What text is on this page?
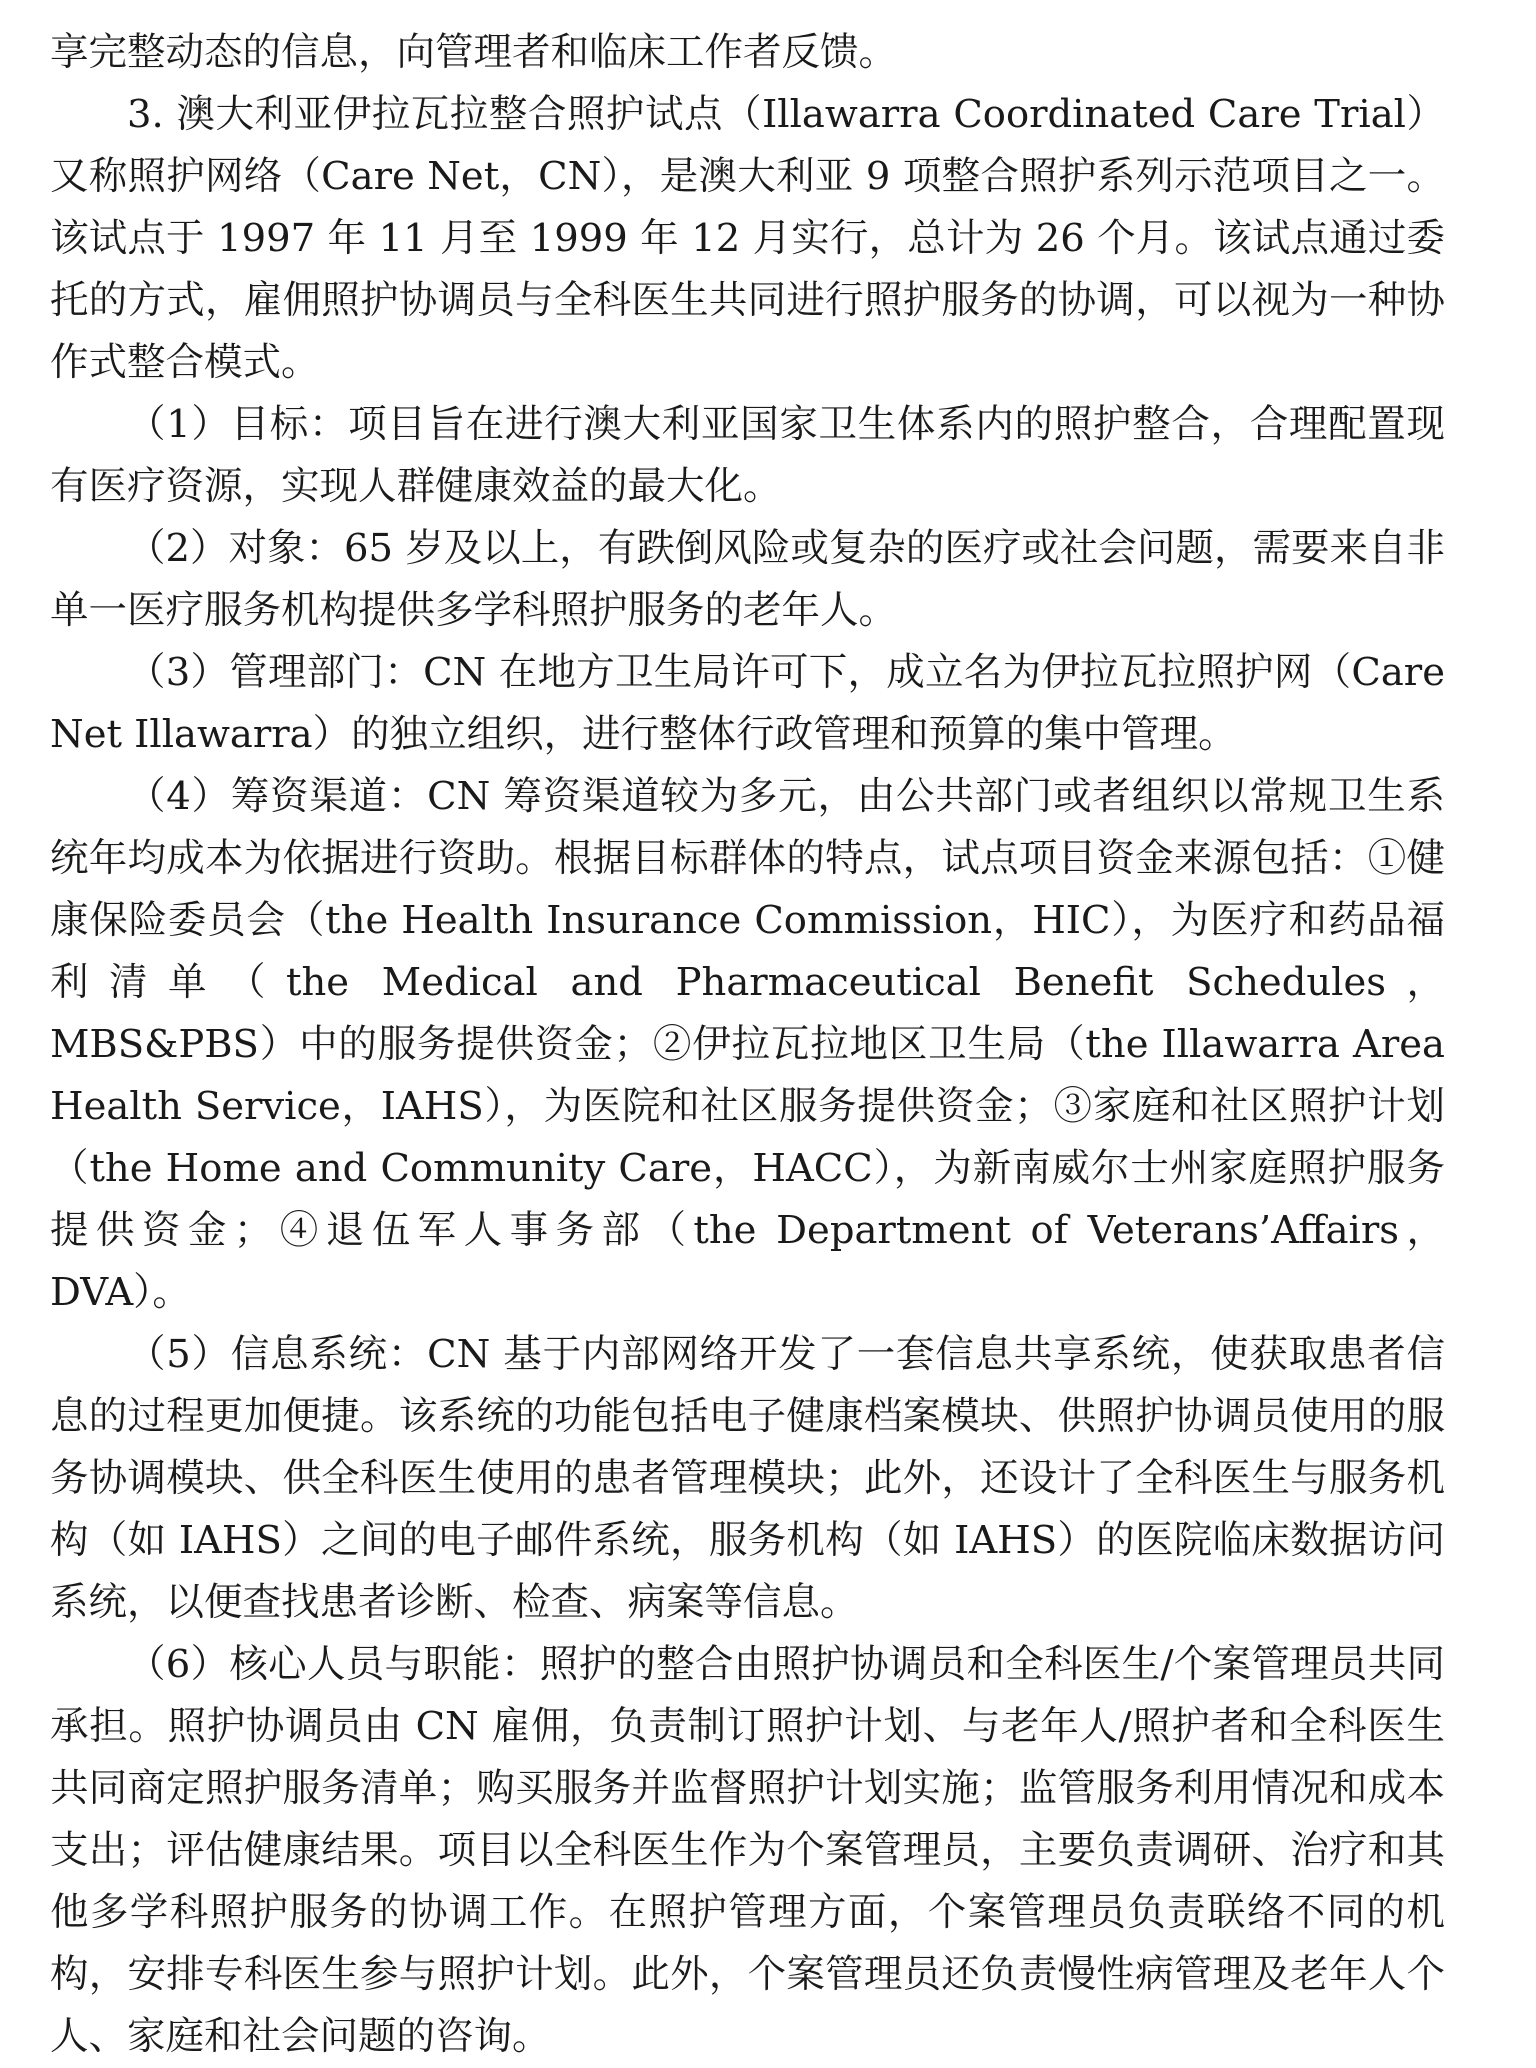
享完整动态的信息，向管理者和临床工作者反馈。

3. 澳大利亚伊拉瓦拉整合照护试点（Illawarra Coordinated Care Trial） 又称照护网络（Care Net，CN），是澳大利亚 9 项整合照护系列示范项目之一。该试点于 1997 年 11 月至 1999 年 12 月实行，总计为 26 个月。该试点通过委托的方式，雇佣照护协调员与全科医生共同进行照护服务的协调，可以视为一种协作式整合模式。

（1）目标：项目旨在进行澳大利亚国家卫生体系内的照护整合，合理配置现有医疗资源，实现人群健康效益的最大化。

（2）对象：65 岁及以上，有跌倒风险或复杂的医疗或社会问题，需要来自非单一医疗服务机构提供多学科照护服务的老年人。

（3）管理部门：CN 在地方卫生局许可下，成立名为伊拉瓦拉照护网（Care Net Illawarra）的独立组织，进行整体行政管理和预算的集中管理。

（4）筹资渠道：CN 筹资渠道较为多元，由公共部门或者组织以常规卫生系统年均成本为依据进行资助。根据目标群体的特点，试点项目资金来源包括：①健康保险委员会（the Health Insurance Commission，HIC），为医疗和药品福利清单（the Medical and Pharmaceutical Benefit Schedules，MBS&PBS）中的服务提供资金；②伊拉瓦拉地区卫生局（the Illawarra Area Health Service，IAHS），为医院和社区服务提供资金；③家庭和社区照护计划（the Home and Community Care，HACC），为新南威尔士州家庭照护服务提供资金；④退伍军人事务部（the Department of Veterans’Affairs，DVA）。

（5）信息系统：CN 基于内部网络开发了一套信息共享系统，使获取患者信息的过程更加便捷。该系统的功能包括电子健康档案模块、供照护协调员使用的服务协调模块、供全科医生使用的患者管理模块；此外，还设计了全科医生与服务机构（如 IAHS）之间的电子邮件系统，服务机构（如 IAHS）的医院临床数据访问系统，以便查找患者诊断、检查、病案等信息。

（6）核心人员与职能：照护的整合由照护协调员和全科医生/个案管理员共同承担。照护协调员由 CN 雇佣，负责制订照护计划、与老年人/照护者和全科医生共同商定照护服务清单；购买服务并监督照护计划实施；监管服务利用情况和成本支出；评估健康结果。项目以全科医生作为个案管理员，主要负责调研、治疗和其他多学科照护服务的协调工作。在照护管理方面，个案管理员负责联络不同的机构，安排专科医生参与照护计划。此外，个案管理员还负责慢性病管理及老年人个人、家庭和社会问题的咨询。
